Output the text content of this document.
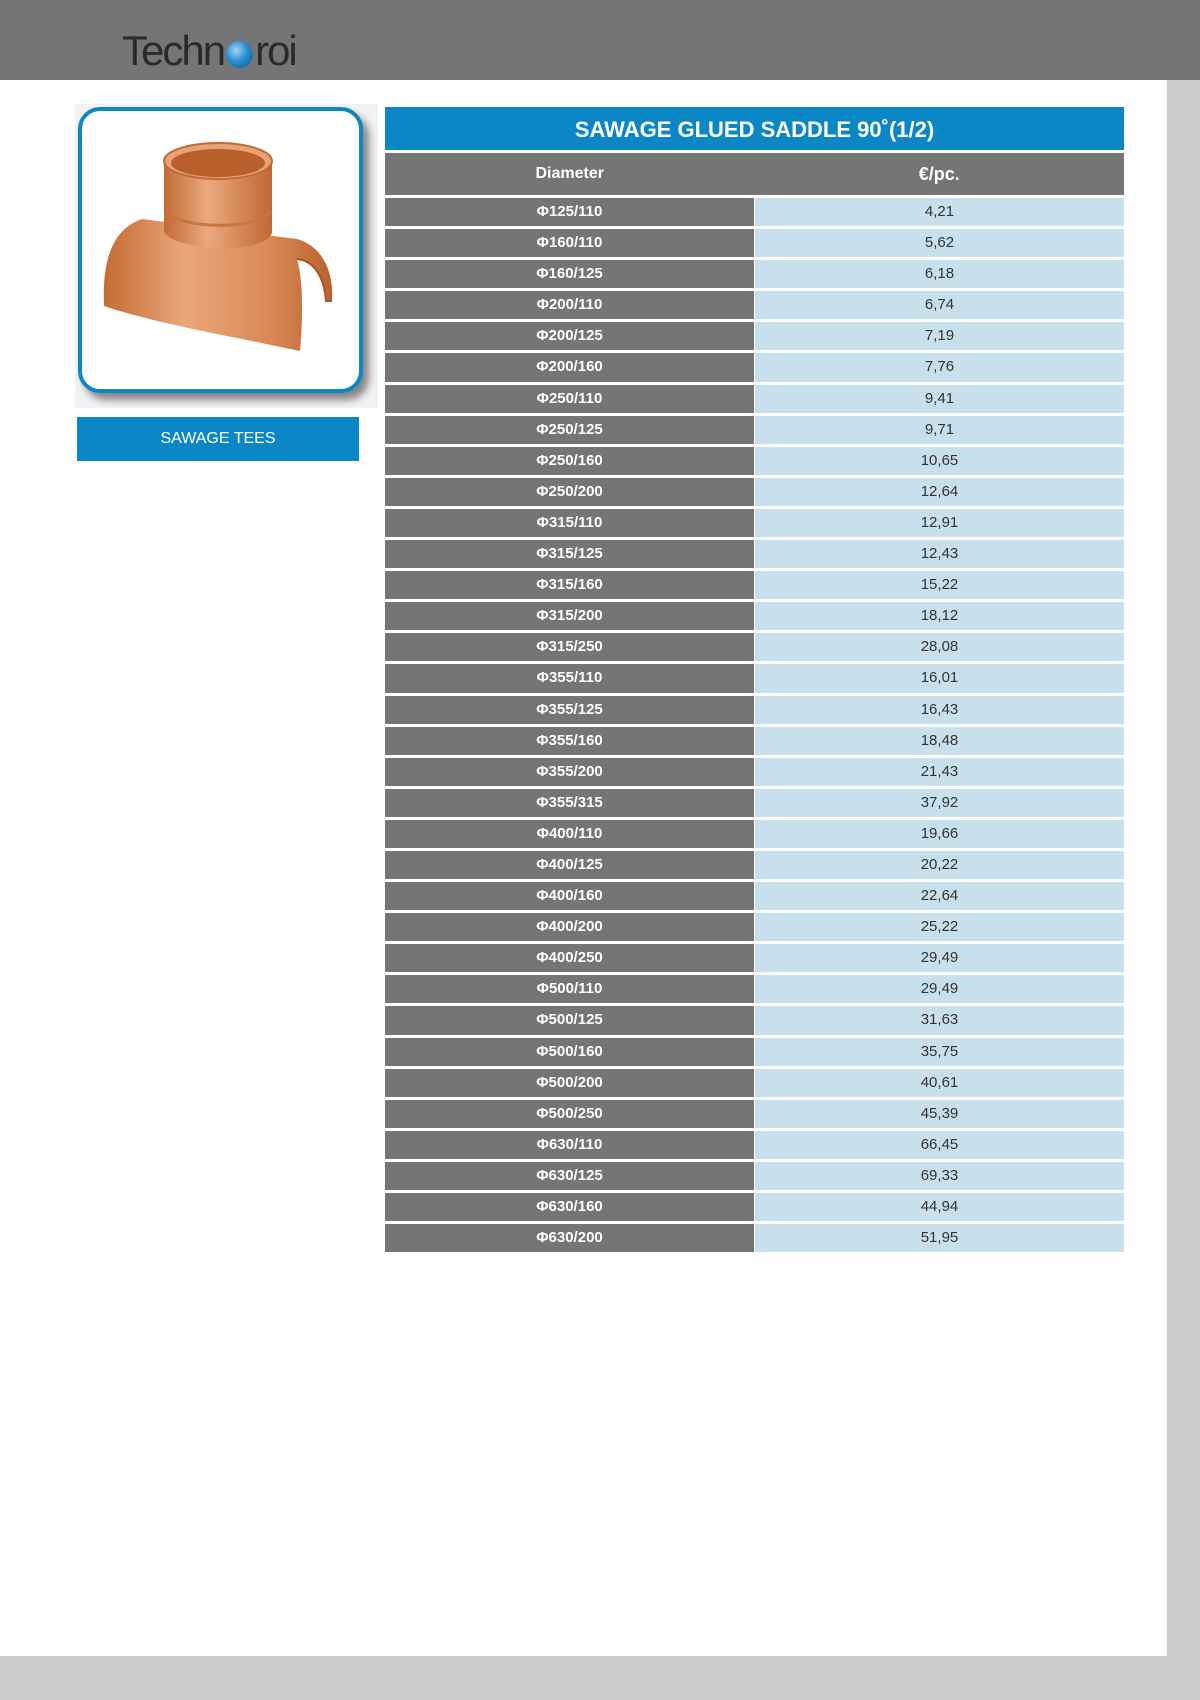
Techn roi
SAWAGE TEES
SAWAGE GLUED SADDLE 90˚(1/2)
Diameter	€/pc.
Φ125/110	4,21
Φ160/110	5,62
Φ160/125	6,18
Φ200/110	6,74
Φ200/125	7,19
Φ200/160	7,76
Φ250/110	9,41
Φ250/125	9,71
Φ250/160	10,65
Φ250/200	12,64
Φ315/110	12,91
Φ315/125	12,43
Φ315/160	15,22
Φ315/200	18,12
Φ315/250	28,08
Φ355/110	16,01
Φ355/125	16,43
Φ355/160	18,48
Φ355/200	21,43
Φ355/315	37,92
Φ400/110	19,66
Φ400/125	20,22
Φ400/160	22,64
Φ400/200	25,22
Φ400/250	29,49
Φ500/110	29,49
Φ500/125	31,63
Φ500/160	35,75
Φ500/200	40,61
Φ500/250	45,39
Φ630/110	66,45
Φ630/125	69,33
Φ630/160	44,94
Φ630/200	51,95
